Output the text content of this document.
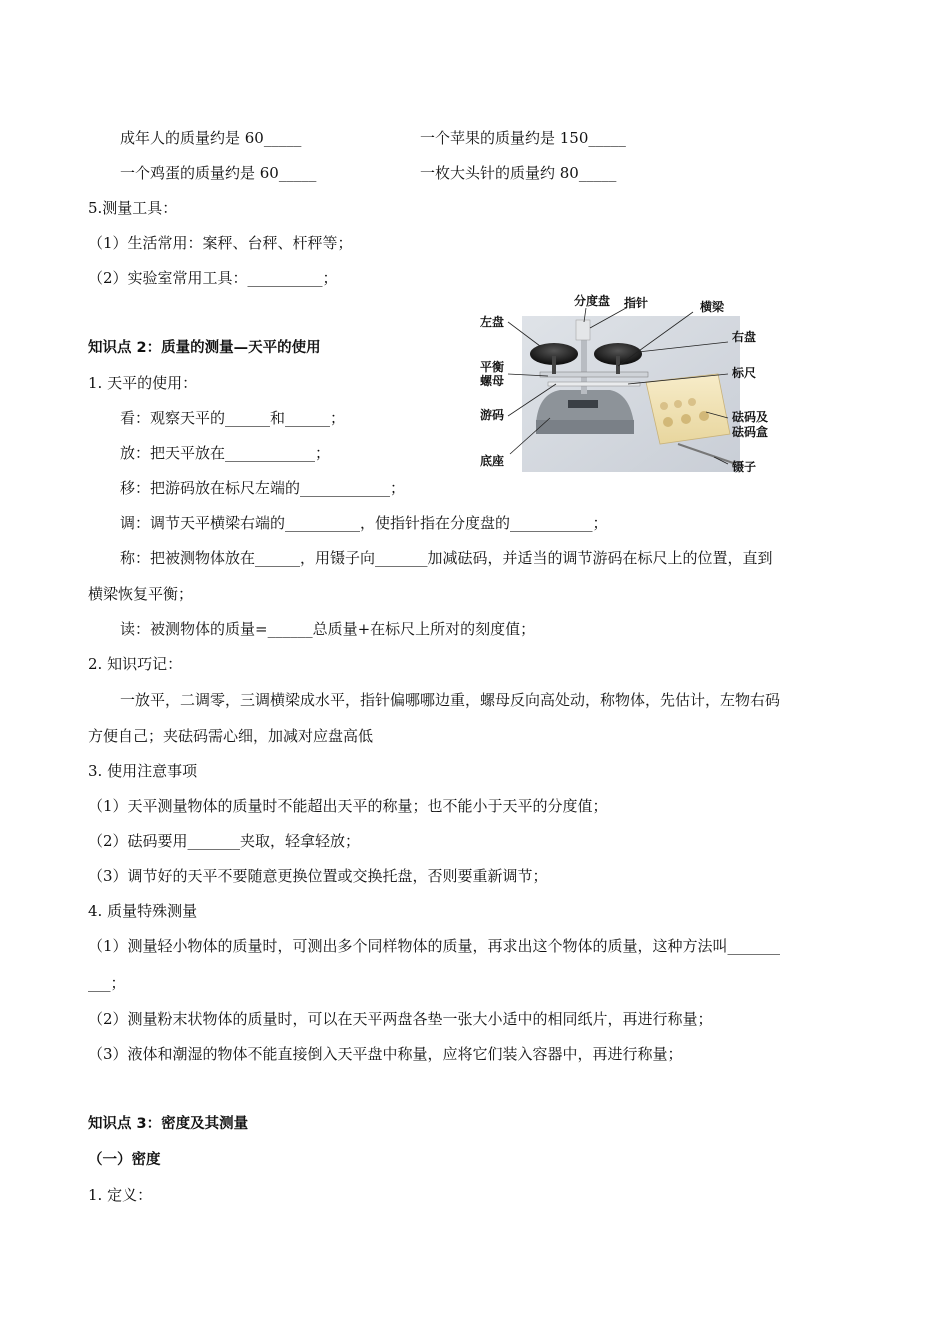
成年人的质量约是 60_____	一个苹果的质量约是 150_____
一个鸡蛋的质量约是 60_____	一枚大头针的质量约 80_____
5.测量工具：
（1）生活常用：案秤、台秤、杆秤等；
（2）实验室常用工具：__________；
知识点 2：质量的测量—天平的使用
1. 天平的使用：
看：观察天平的______和______；
放：把天平放在____________；
移：把游码放在标尺左端的____________；
调：调节天平横梁右端的__________，使指针指在分度盘的___________；
称：把被测物体放在______，用镊子向_______加减砝码，并适当的调节游码在标尺上的位置，直到
横梁恢复平衡；
读：被测物体的质量=______总质量+在标尺上所对的刻度值；
2. 知识巧记：
一放平，二调零，三调横梁成水平，指针偏哪哪边重，螺母反向高处动，称物体，先估计，左物右码
方便自己；夹砝码需心细，加减对应盘高低
3. 使用注意事项
（1）天平测量物体的质量时不能超出天平的称量；也不能小于天平的分度值；
（2）砝码要用_______夹取，轻拿轻放；
（3）调节好的天平不要随意更换位置或交换托盘，否则要重新调节；
4. 质量特殊测量
（1）测量轻小物体的质量时，可测出多个同样物体的质量，再求出这个物体的质量，这种方法叫_______
___；
（2）测量粉末状物体的质量时，可以在天平两盘各垫一张大小适中的相同纸片，再进行称量；
（3）液体和潮湿的物体不能直接倒入天平盘中称量，应将它们装入容器中，再进行称量；
知识点 3：密度及其测量
（一）密度
1. 定义：
左盘
分度盘 指针	横梁
右盘
平衡
螺母
标尺
游码	砝码及
砝码盒
底座	镊子
